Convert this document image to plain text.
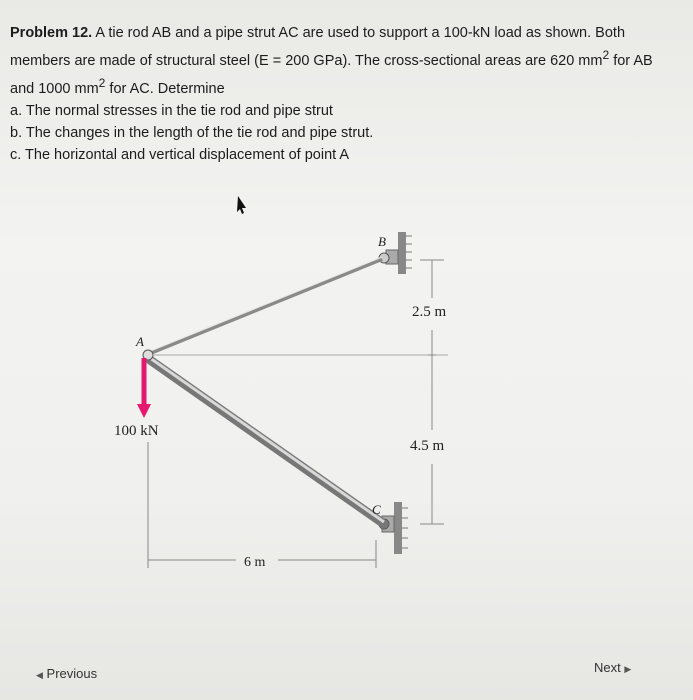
Problem 12. A tie rod AB and a pipe strut AC are used to support a 100-kN load as shown. Both members are made of structural steel (E = 200 GPa). The cross-sectional areas are 620 $mm^2$ for AB and 1000 $mm^2$ for AC. Determine

a. The normal stresses in the tie rod and pipe strut
b. The changes in the length of the tie rod and pipe strut.
c. The horizontal and vertical displacement of point A
A
B
C
100 kN
2.5 m
4.5 m
6 m
◀ Previous	Next ▶
